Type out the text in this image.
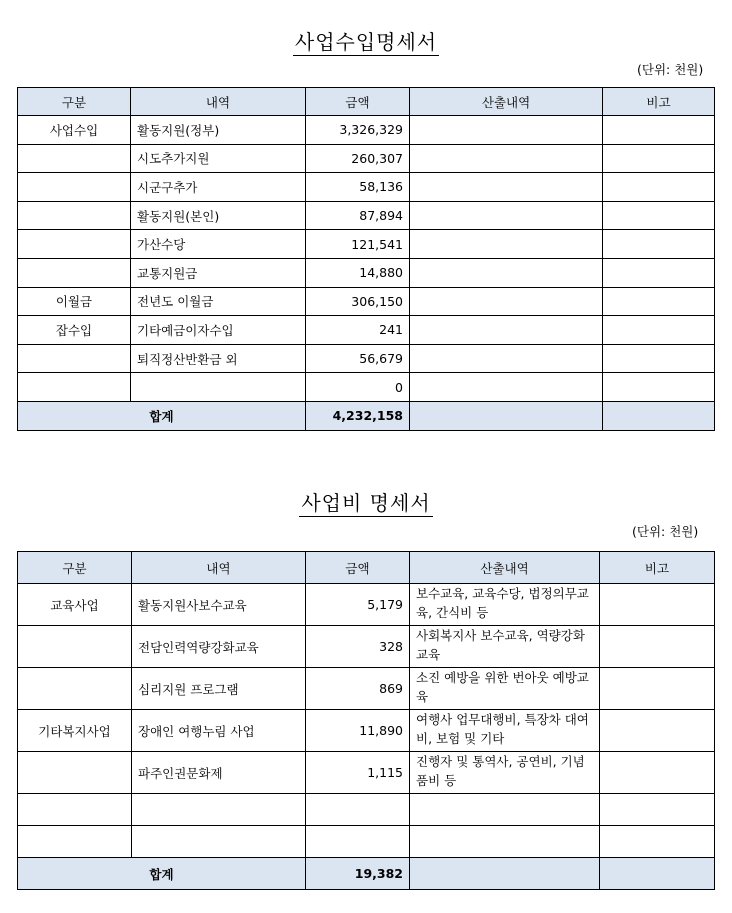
사업수입명세서
(단위: 천원)
구분	내역	금액	산출내역	비고
사업수입	활동지원(정부)	3,326,329		
	시도추가지원	260,307		
	시군구추가	58,136		
	활동지원(본인)	87,894		
	가산수당	121,541		
	교통지원금	14,880		
이월금	전년도 이월금	306,150		
잡수입	기타예금이자수입	241		
	퇴직정산반환금 외	56,679		
		0		
합계		4,232,158		
사업비 명세서
(단위: 천원)
구분	내역	금액	산출내역	비고
교육사업	활동지원사보수교육	5,179	보수교육, 교육수당, 법정의무교육, 간식비 등	
	전담인력역량강화교육	328	사회복지사 보수교육, 역량강화교육	
	심리지원 프로그램	869	소진 예방을 위한 번아웃 예방교육	
기타복지사업	장애인 여행누림 사업	11,890	여행사 업무대행비, 특장차 대여비, 보험 및 기타	
	파주인권문화제	1,115	진행자 및 통역사, 공연비, 기념품비 등	

합계		19,382		
